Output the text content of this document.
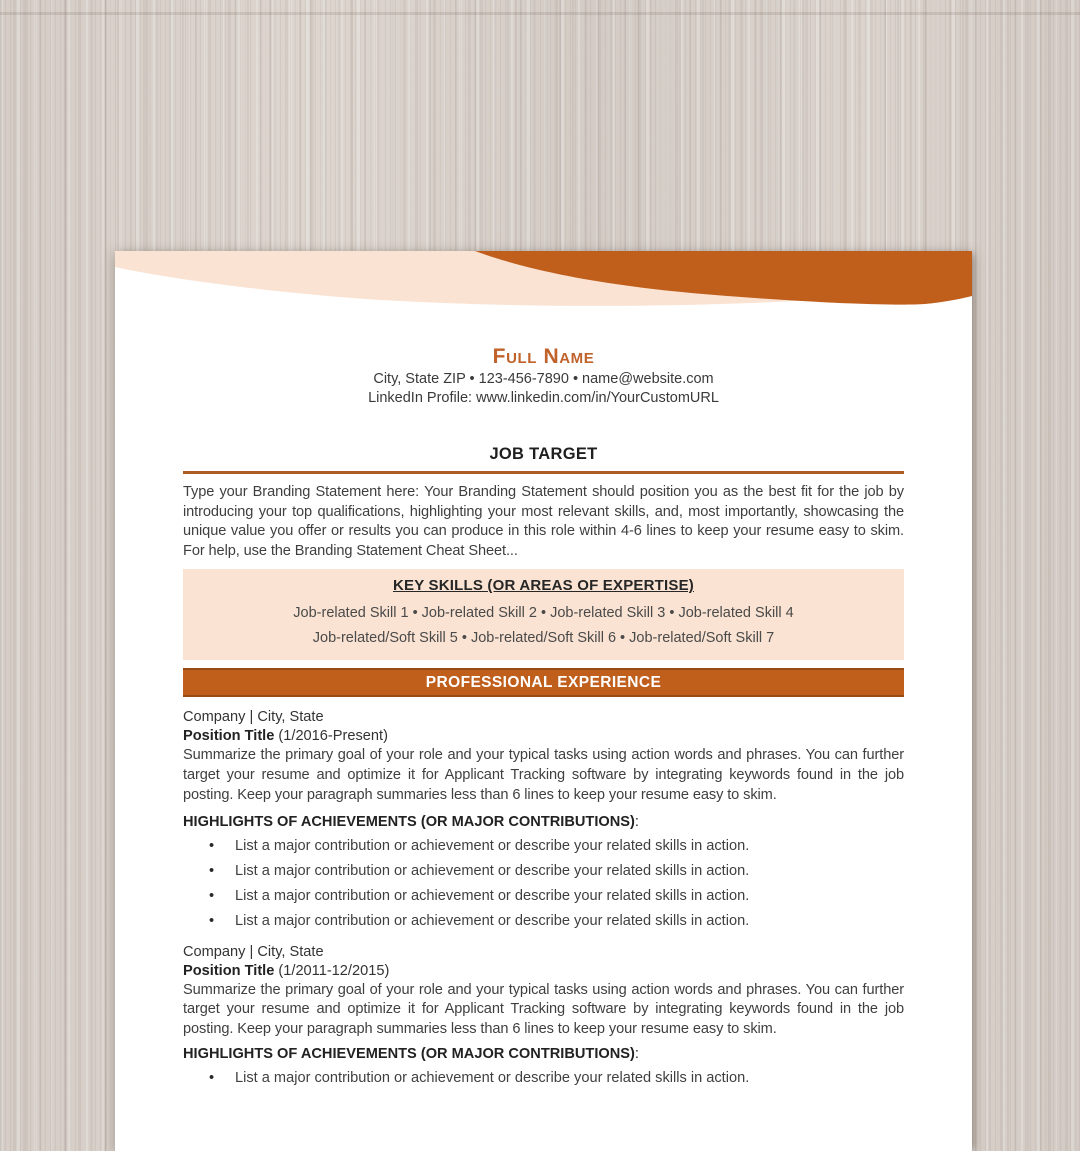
Full Name
City, State ZIP • 123-456-7890 • name@website.com
LinkedIn Profile: www.linkedin.com/in/YourCustomURL
JOB TARGET
Type your Branding Statement here: Your Branding Statement should position you as the best fit for the job by introducing your top qualifications, highlighting your most relevant skills, and, most importantly, showcasing the unique value you offer or results you can produce in this role within 4-6 lines to keep your resume easy to skim. For help, use the Branding Statement Cheat Sheet...
KEY SKILLS (OR AREAS OF EXPERTISE)
Job-related Skill 1 • Job-related Skill 2 • Job-related Skill 3 • Job-related Skill 4
Job-related/Soft Skill 5 • Job-related/Soft Skill 6 • Job-related/Soft Skill 7
PROFESSIONAL EXPERIENCE
Company | City, State
Position Title (1/2016-Present)
Summarize the primary goal of your role and your typical tasks using action words and phrases. You can further target your resume and optimize it for Applicant Tracking software by integrating keywords found in the job posting. Keep your paragraph summaries less than 6 lines to keep your resume easy to skim.
HIGHLIGHTS OF ACHIEVEMENTS (OR MAJOR CONTRIBUTIONS):
• List a major contribution or achievement or describe your related skills in action.
• List a major contribution or achievement or describe your related skills in action.
• List a major contribution or achievement or describe your related skills in action.
• List a major contribution or achievement or describe your related skills in action.
Company | City, State
Position Title (1/2011-12/2015)
Summarize the primary goal of your role and your typical tasks using action words and phrases. You can further target your resume and optimize it for Applicant Tracking software by integrating keywords found in the job posting. Keep your paragraph summaries less than 6 lines to keep your resume easy to skim.
HIGHLIGHTS OF ACHIEVEMENTS (OR MAJOR CONTRIBUTIONS):
• List a major contribution or achievement or describe your related skills in action.
